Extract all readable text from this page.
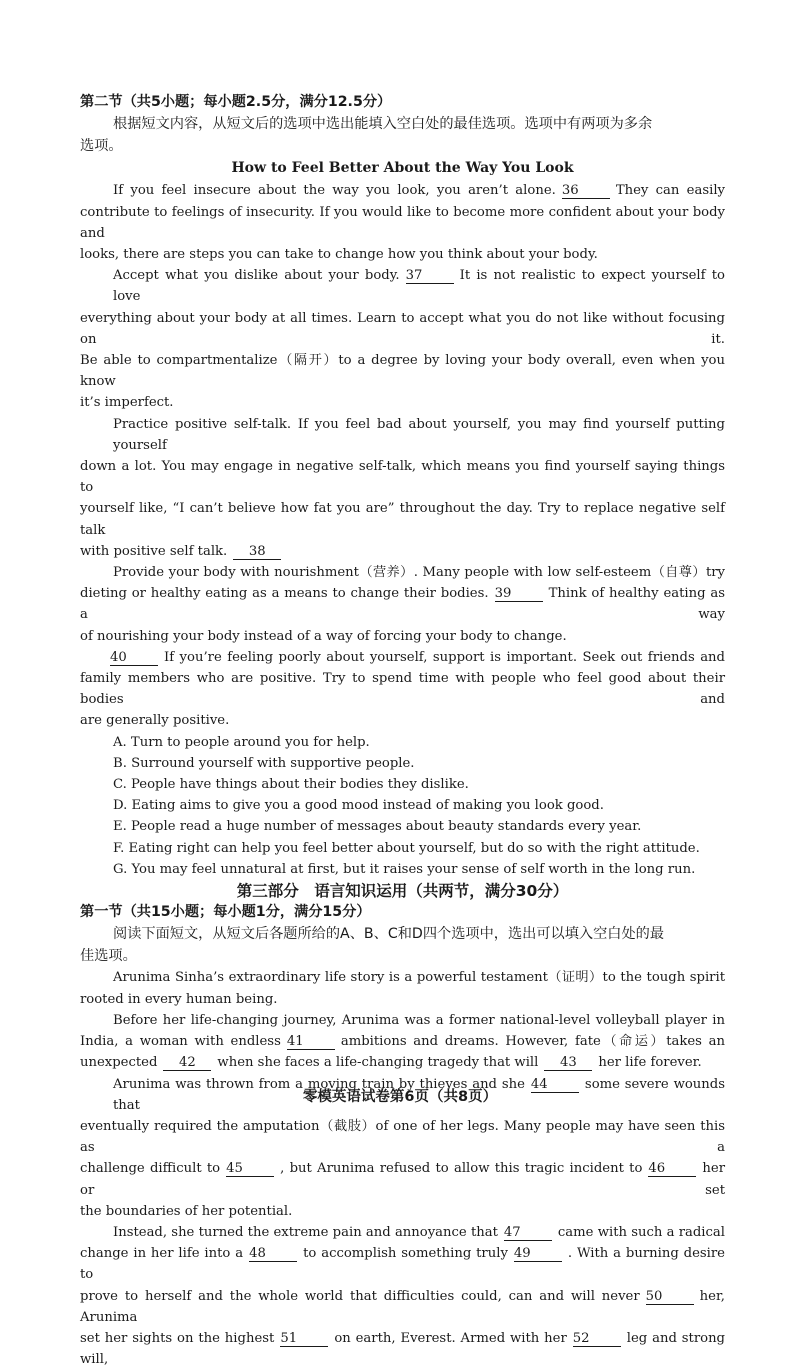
第二节（共5小题；每小题2.5分，满分12.5分）
根据短文内容，从短文后的选项中选出能填入空白处的最佳选项。选项中有两项为多余
选项。
How to Feel Better About the Way You Look
If you feel insecure about the way you look, you aren’t alone. 36	They can easily
contribute to feelings of insecurity. If you would like to become more confident about your body and
looks, there are steps you can take to change how you think about your body.
Accept what you dislike about your body. 37	It is not realistic to expect yourself to love
everything about your body at all times. Learn to accept what you do not like without focusing on it.
Be able to compartmentalize（隔开）to a degree by loving your body overall, even when you know
it’s imperfect.
Practice positive self-talk. If you feel bad about yourself, you may find yourself putting yourself
down a lot. You may engage in negative self-talk, which means you find yourself saying things to
yourself like, “I can’t believe how fat you are” throughout the day. Try to replace negative self talk
with positive self talk. 38
Provide your body with nourishment（营养）. Many people with low self-esteem（自尊）try
dieting or healthy eating as a means to change their bodies. 39	Think of healthy eating as a way
of nourishing your body instead of a way of forcing your body to change.
40	If you’re feeling poorly about yourself, support is important. Seek out friends and
family members who are positive. Try to spend time with people who feel good about their bodies and
are generally positive.
A. Turn to people around you for help.
B. Surround yourself with supportive people.
C. People have things about their bodies they dislike.
D. Eating aims to give you a good mood instead of making you look good.
E. People read a huge number of messages about beauty standards every year.
F. Eating right can help you feel better about yourself, but do so with the right attitude.
G. You may feel unnatural at first, but it raises your sense of self worth in the long run.
第三部分　语言知识运用（共两节，满分30分）
第一节（共15小题；每小题1分，满分15分）
阅读下面短文，从短文后各题所给的A、B、C和D四个选项中，选出可以填入空白处的最
佳选项。
Arunima Sinha’s extraordinary life story is a powerful testament（证明）to the tough spirit
rooted in every human being.
Before her life-changing journey, Arunima was a former national-level volleyball player in
India, a woman with endless 41	ambitions and dreams. However, fate（命运）takes an
unexpected 42 when she faces a life-changing tragedy that will 43 her life forever.
Arunima was thrown from a moving train by thieves and she 44	some severe wounds that
eventually required the amputation（截肢）of one of her legs. Many people may have seen this as a
challenge difficult to 45	, but Arunima refused to allow this tragic incident to 46	her or set
the boundaries of her potential.
Instead, she turned the extreme pain and annoyance that 47	came with such a radical
change in her life into a 48	to accomplish something truly 49	. With a burning desire to
prove to herself and the whole world that difficulties could, can and will never 50	her, Arunima
set her sights on the highest 51	on earth, Everest. Armed with her 52	leg and strong will,
零模英语试卷第6页（共8页）
